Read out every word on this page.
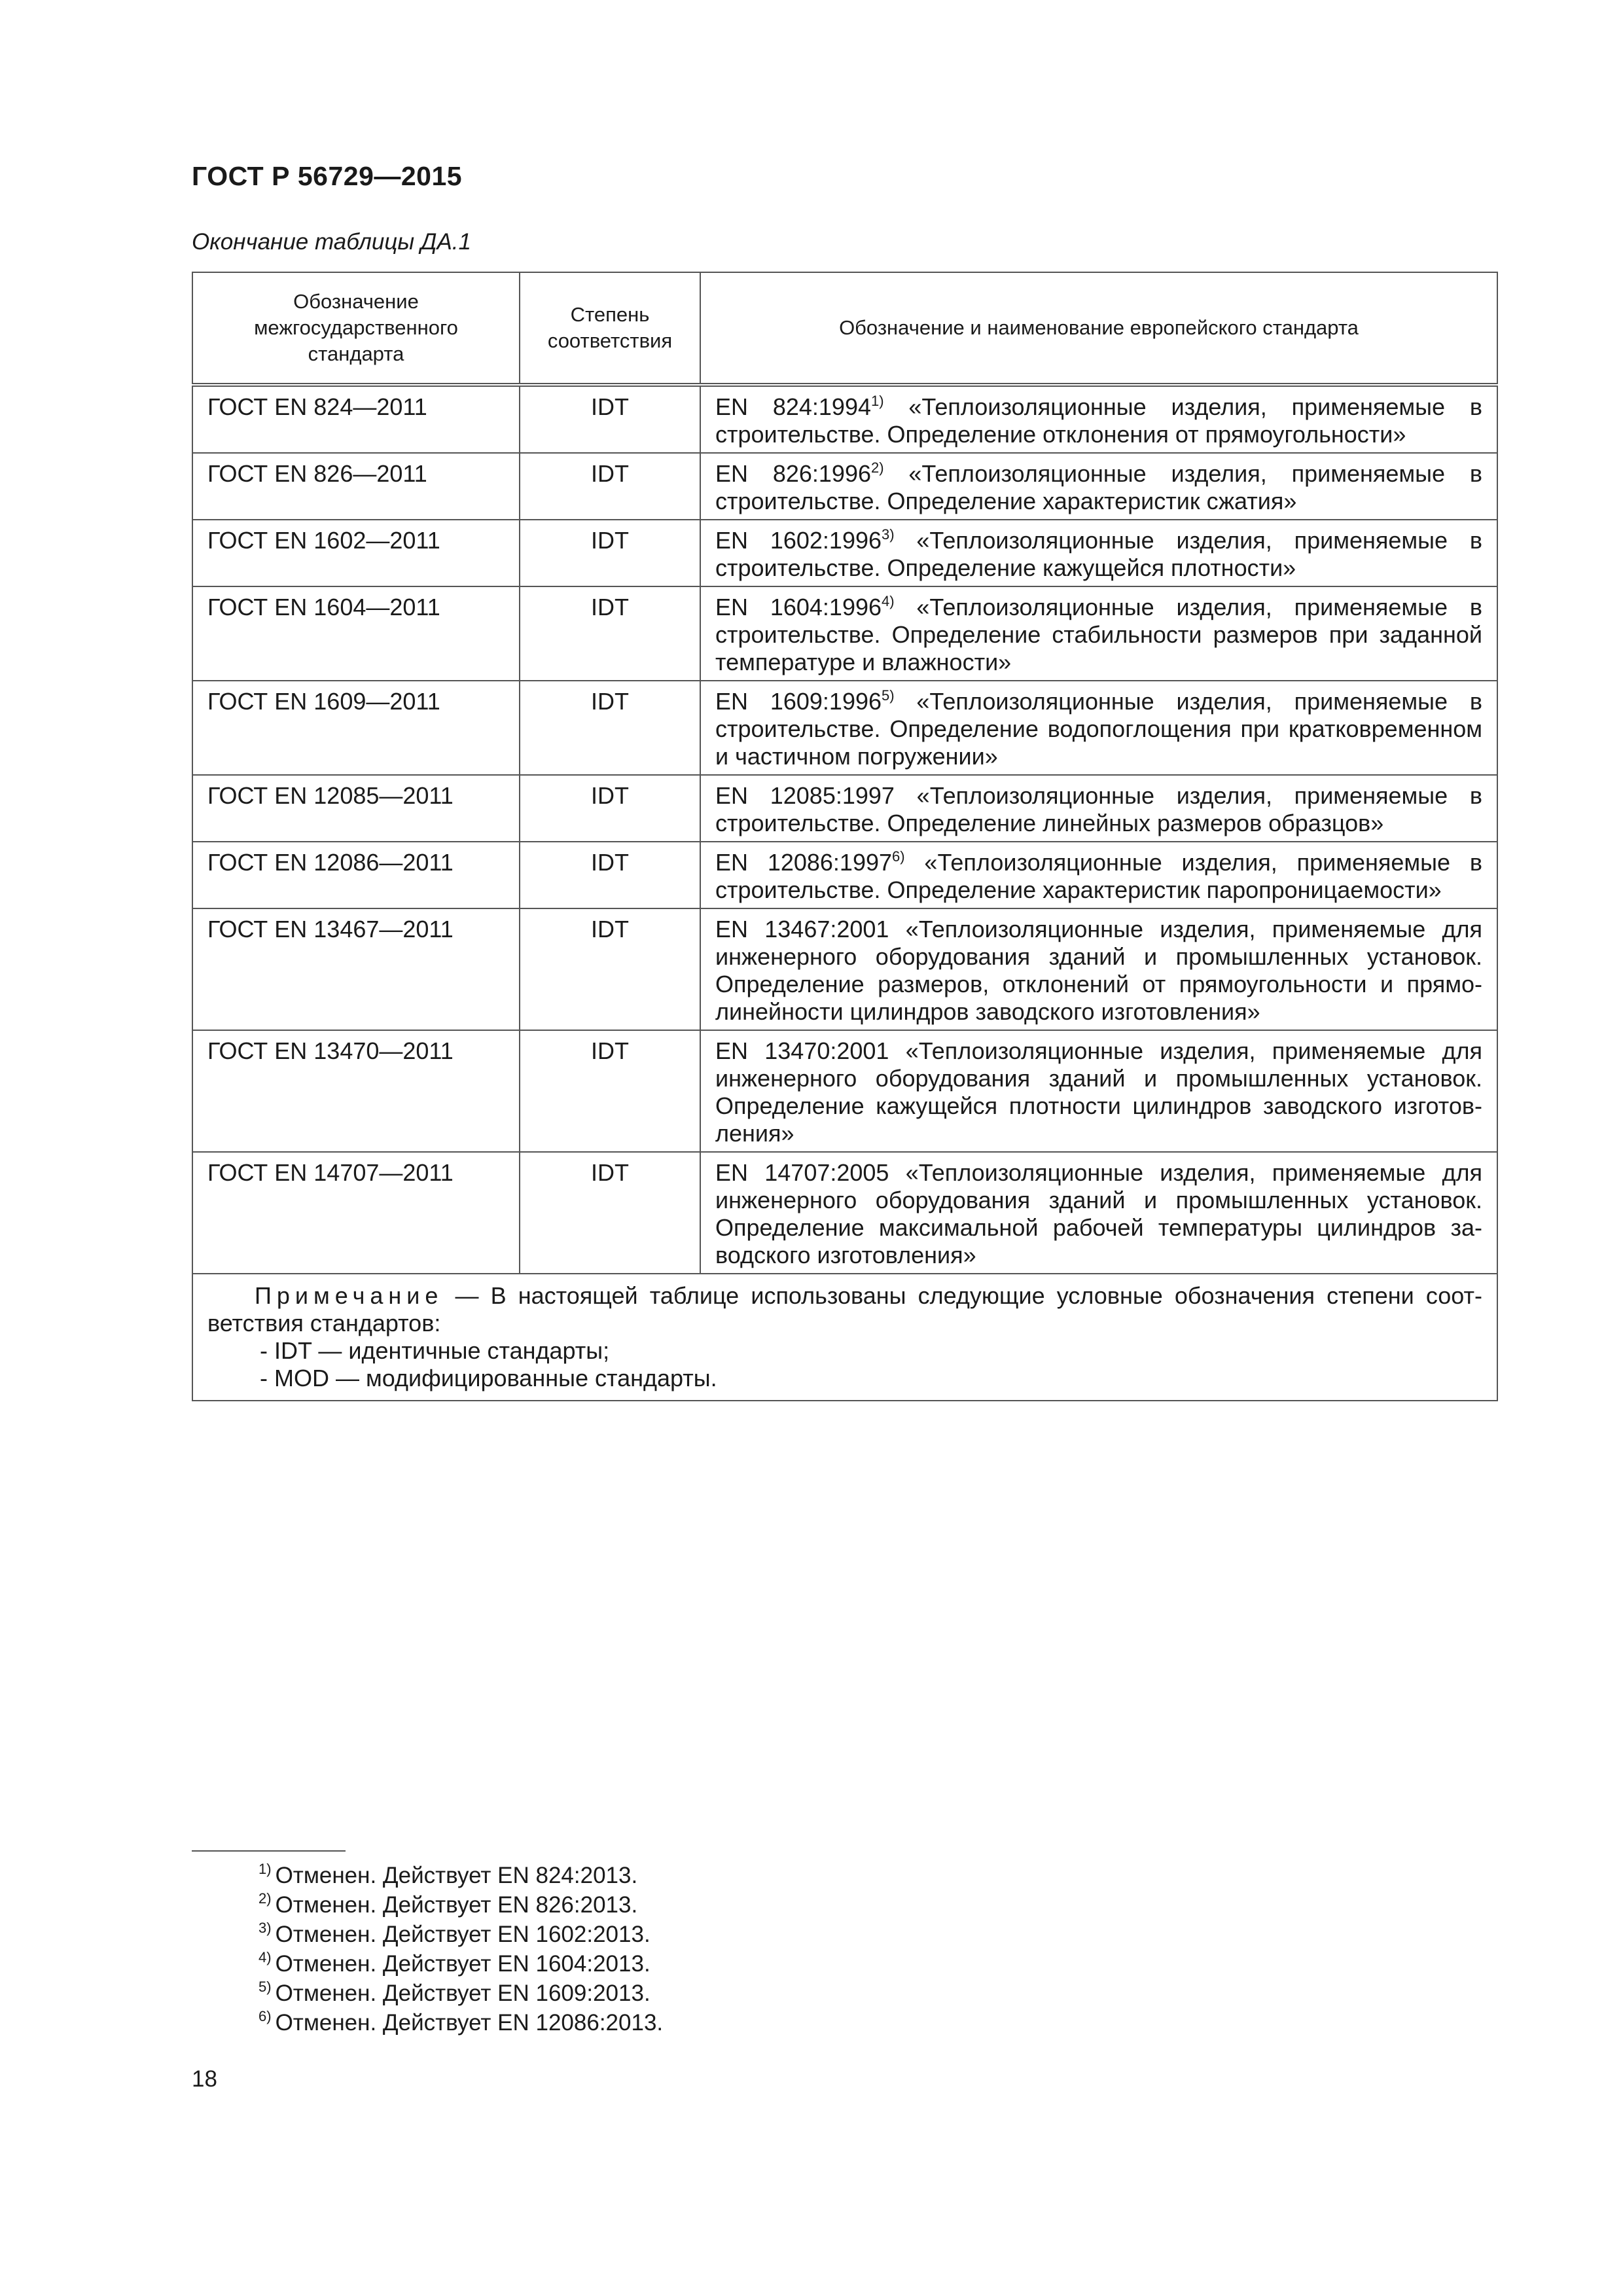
ГОСТ Р 56729—2015
Окончание таблицы ДА.1
Обозначение межгосударственного стандарта	Степень соответствия	Обозначение и наименование европейского стандарта
ГОСТ EN 824—2011	IDT	EN 824:1994$^{1)}$ «Теплоизоляционные изделия, применяемые в строительстве. Определение отклонения от прямоугольности»
ГОСТ EN 826—2011	IDT	EN 826:1996$^{2)}$ «Теплоизоляционные изделия, применяемые в строительстве. Определение характеристик сжатия»
ГОСТ EN 1602—2011	IDT	EN 1602:1996$^{3)}$ «Теплоизоляционные изделия, применяемые в строительстве. Определение кажущейся плотности»
ГОСТ EN 1604—2011	IDT	EN 1604:1996$^{4)}$ «Теплоизоляционные изделия, применяемые в строительстве. Определение стабильности размеров при заданной температуре и влажности»
ГОСТ EN 1609—2011	IDT	EN 1609:1996$^{5)}$ «Теплоизоляционные изделия, применяемые в строительстве. Определение водопоглощения при кратковременном и частичном погружении»
ГОСТ EN 12085—2011	IDT	EN 12085:1997 «Теплоизоляционные изделия, применяемые в строительстве. Определение линейных размеров образцов»
ГОСТ EN 12086—2011	IDT	EN 12086:1997$^{6)}$ «Теплоизоляционные изделия, применяемые в строительстве. Определение характеристик паропроницаемости»
ГОСТ EN 13467—2011	IDT	EN 13467:2001 «Теплоизоляционные изделия, применяемые для инженерного оборудования зданий и промышленных установок. Определение размеров, отклонений от прямоугольности и прямолинейности цилиндров заводского изготовления»
ГОСТ EN 13470—2011	IDT	EN 13470:2001 «Теплоизоляционные изделия, применяемые для инженерного оборудования зданий и промышленных установок. Определение кажущейся плотности цилиндров заводского изготовления»
ГОСТ EN 14707—2011	IDT	EN 14707:2005 «Теплоизоляционные изделия, применяемые для инженерного оборудования зданий и промышленных установок. Определение максимальной рабочей температуры цилиндров заводского изготовления»

Примечание — В настоящей таблице использованы следующие условные обозначения степени соответствия стандартов:
- IDT — идентичные стандарты;
- MOD — модифицированные стандарты.		
$^{1)}$ Отменен. Действует EN 824:2013.
$^{2)}$ Отменен. Действует EN 826:2013.
$^{3)}$ Отменен. Действует EN 1602:2013.
$^{4)}$ Отменен. Действует EN 1604:2013.
$^{5)}$ Отменен. Действует EN 1609:2013.
$^{6)}$ Отменен. Действует EN 12086:2013.
18
